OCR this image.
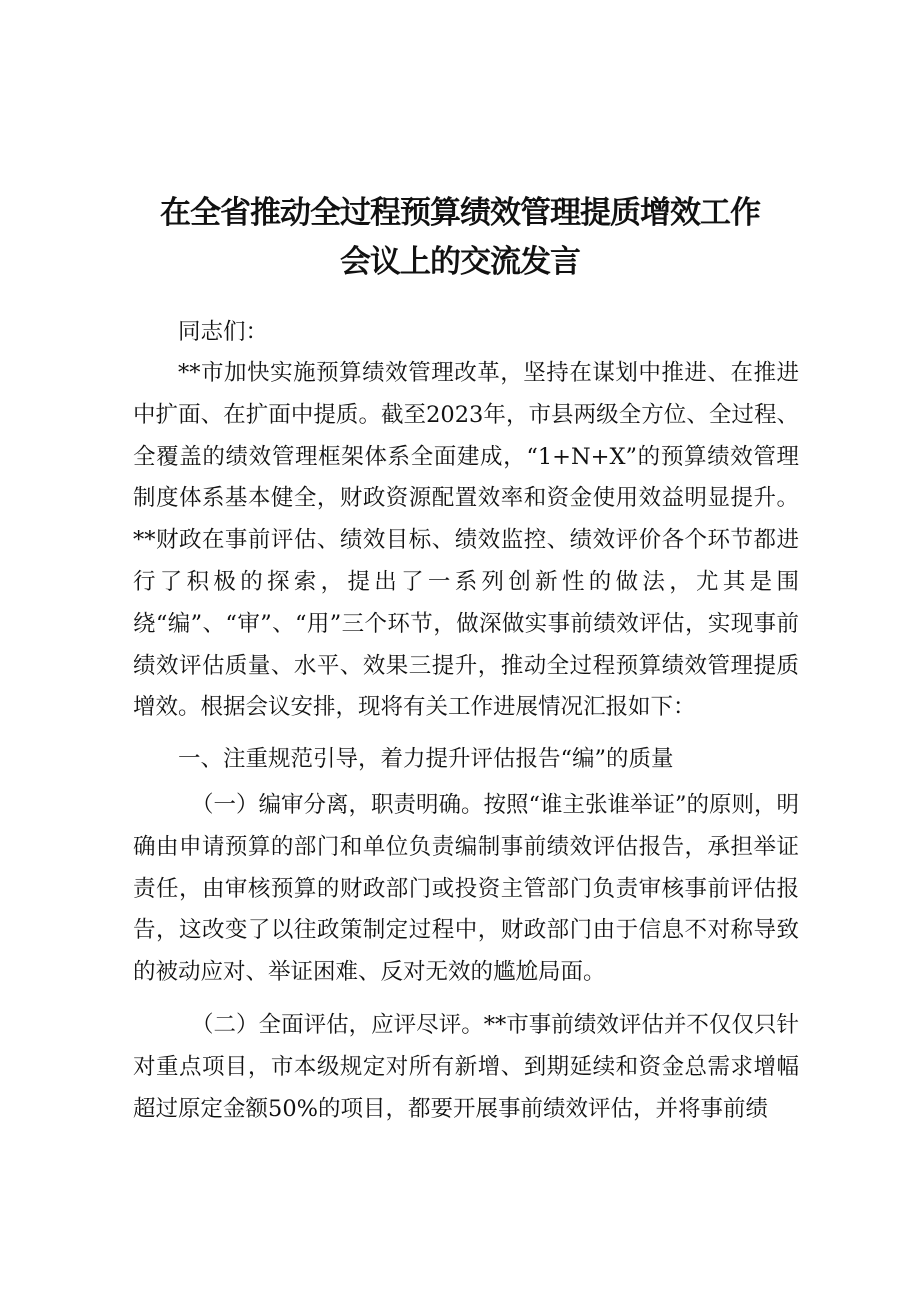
在全省推动全过程预算绩效管理提质增效工作
会议上的交流发言

同志们：

**市加快实施预算绩效管理改革，坚持在谋划中推进、在推进中扩面、在扩面中提质。截至2023年，市县两级全方位、全过程、全覆盖的绩效管理框架体系全面建成，“1+N+X”的预算绩效管理制度体系基本健全，财政资源配置效率和资金使用效益明显提升。**财政在事前评估、绩效目标、绩效监控、绩效评价各个环节都进行了积极的探索，提出了一系列创新性的做法，尤其是围绕“编”、“审”、“用”三个环节，做深做实事前绩效评估，实现事前绩效评估质量、水平、效果三提升，推动全过程预算绩效管理提质增效。根据会议安排，现将有关工作进展情况汇报如下：

一、注重规范引导，着力提升评估报告“编”的质量

（一）编审分离，职责明确。按照“谁主张谁举证”的原则，明确由申请预算的部门和单位负责编制事前绩效评估报告，承担举证责任，由审核预算的财政部门或投资主管部门负责审核事前评估报告，这改变了以往政策制定过程中，财政部门由于信息不对称导致的被动应对、举证困难、反对无效的尴尬局面。

（二）全面评估，应评尽评。**市事前绩效评估并不仅仅只针对重点项目，市本级规定对所有新增、到期延续和资金总需求增幅超过原定金额50%的项目，都要开展事前绩效评估，并将事前绩
